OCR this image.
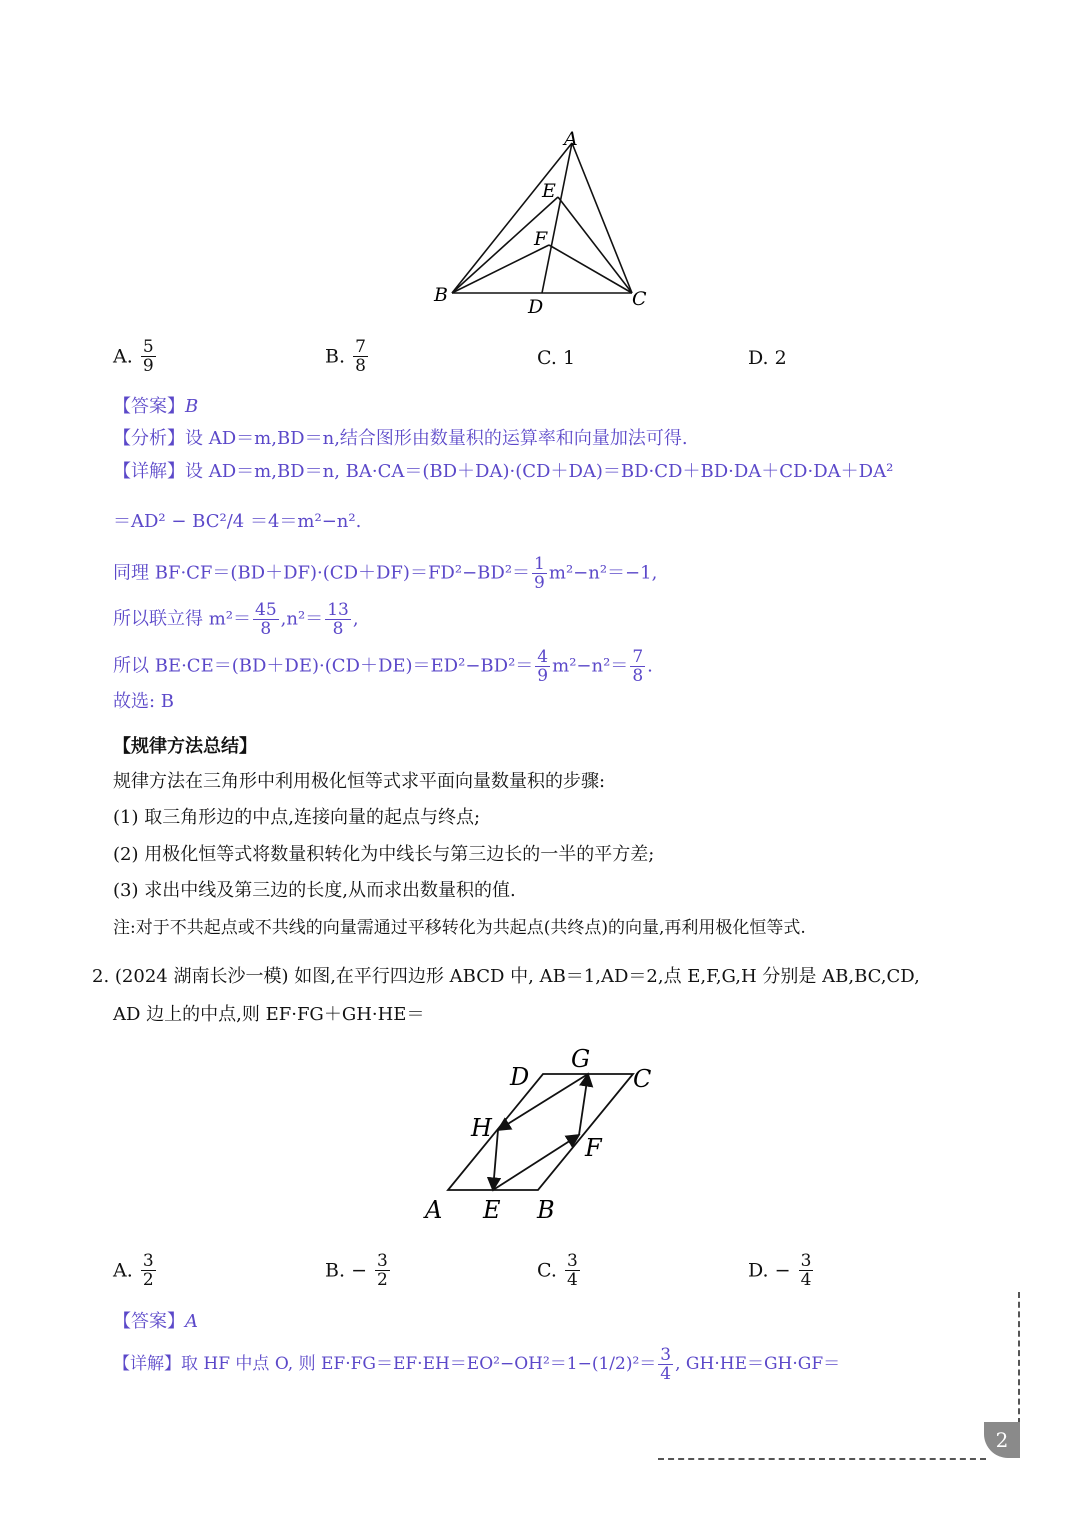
A
E
F
B
D	C
A. $\frac{5}{9}$	B. $\frac{7}{8}$	C. 1	D. 2
【答案】B
【分析】设 AD＝m,BD＝n,结合图形由数量积的运算率和向量加法可得.
【详解】设 AD＝m,BD＝n, BA·CA＝(BD＋DA)·(CD＋DA)＝BD·CD＋BD·DA＋CD·DA＋DA²
＝AD² − BC²/4 ＝4＝m²−n².
同理 $BF\cdot CF=(BD+DF)\cdot(CD+DF)=FD^2-BD^2= \frac{1}{9} m^2-n^2=-1$,
所以联立得 $m^2= \frac{45}{8} ,n^2= \frac{13}{8}$ ,
所以 $BE\cdot CE=(BD+DE)\cdot(CD+DE)=ED^2-BD^2= \frac{4}{9} m^2-n^2= \frac{7}{8}$ .
故选: B
【规律方法总结】
规律方法在三角形中利用极化恒等式求平面向量数量积的步骤:
(1) 取三角形边的中点,连接向量的起点与终点;
(2) 用极化恒等式将数量积转化为中线长与第三边长的一半的平方差;
(3) 求出中线及第三边的长度,从而求出数量积的值.
注:对于不共起点或不共线的向量需通过平移转化为共起点(共终点)的向量,再利用极化恒等式.
2. (2024 湖南长沙一模) 如图,在平行四边形 ABCD 中, AB＝1,AD＝2,点 E,F,G,H 分别是 AB,BC,CD,
AD 边上的中点,则 EF·FG＋GH·HE＝
D
G
C
H
F
A E B
A. $\frac{3}{2}$	B. − $\frac{3}{2}$	C. $\frac{3}{4}$	D. − $\frac{3}{4}$
【答案】A
【详解】取 HF 中点 O, 则 $EF\cdot FG=EF\cdot EH=EO^2-OH^2=1-(1/2)^2= \frac{3}{4}$ , GH·HE＝GH·GF＝
2
